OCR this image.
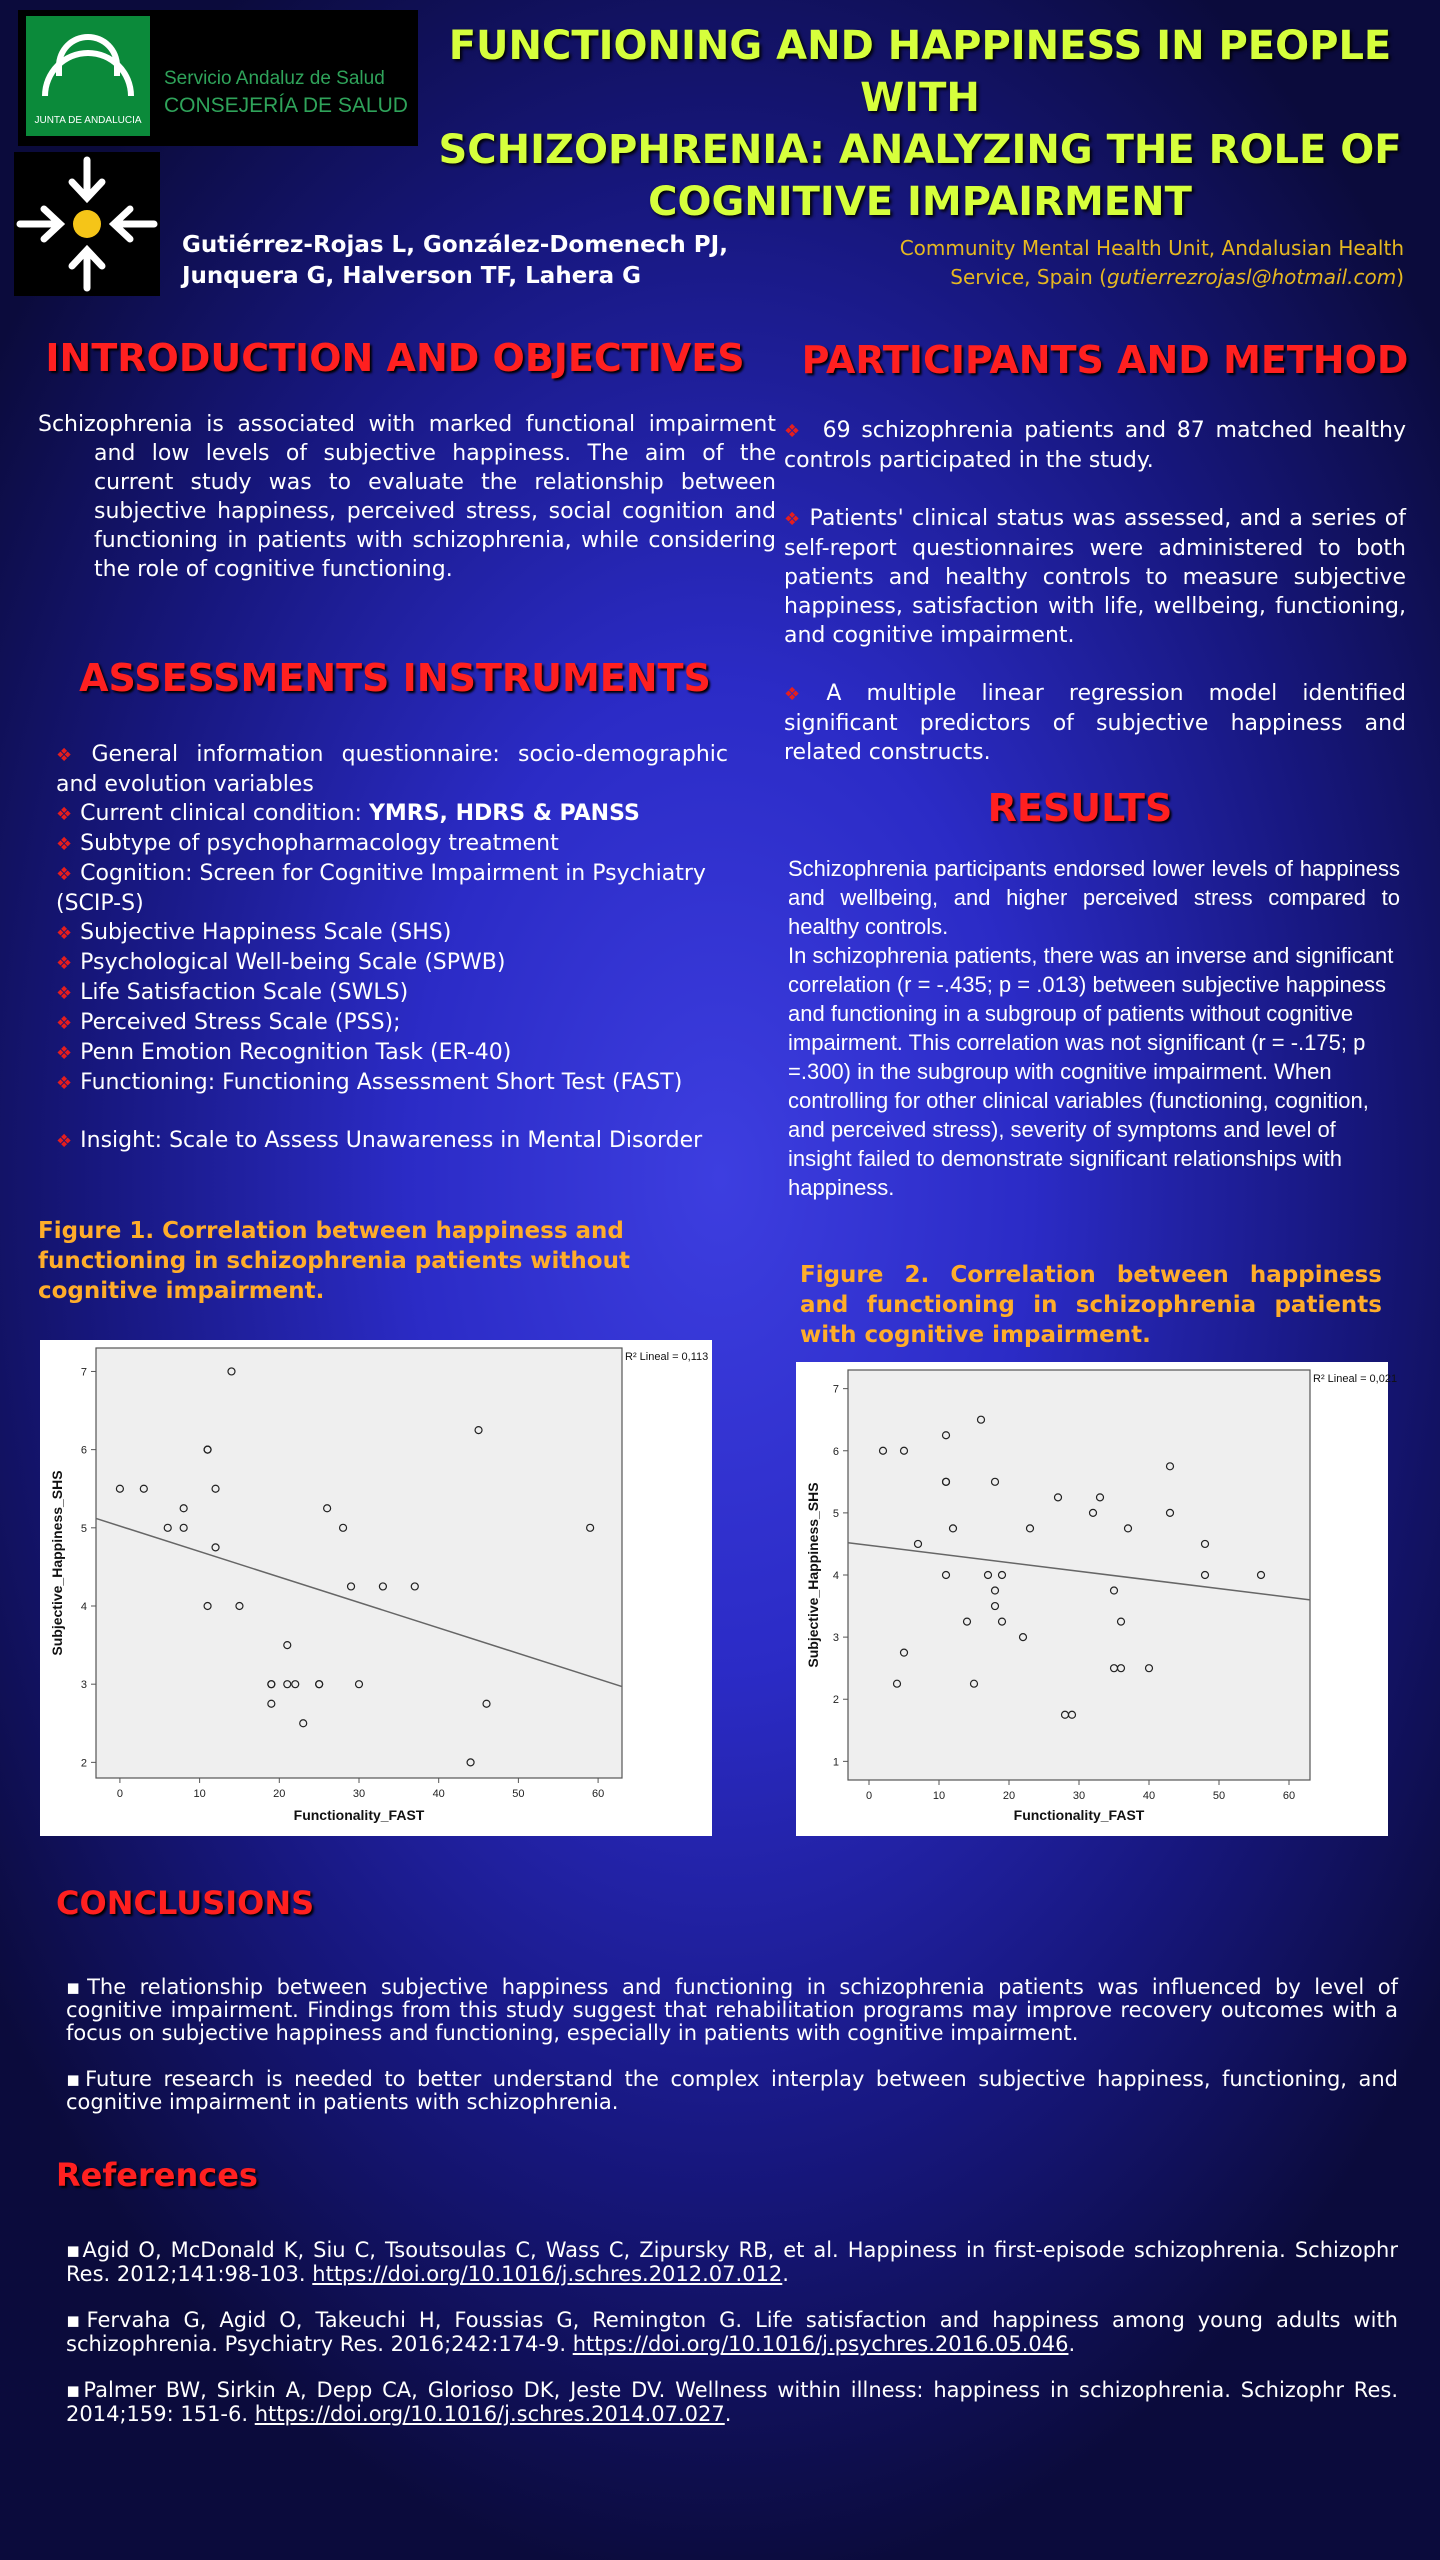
JUNTA DE ANDALUCIA
Servicio Andaluz de Salud
CONSEJERÍA DE SALUD
FUNCTIONING AND HAPPINESS IN PEOPLE WITH
SCHIZOPHRENIA: ANALYZING THE ROLE OF
COGNITIVE IMPAIRMENT
Gutiérrez-Rojas L, González-Domenech PJ,
Junquera G, Halverson TF, Lahera G
Community Mental Health Unit, Andalusian Health
Service, Spain (gutierrezrojasl@hotmail.com)
INTRODUCTION AND OBJECTIVES
Schizophrenia is associated with marked functional impairment and low levels of subjective happiness. The aim of the current study was to evaluate the relationship between subjective happiness, perceived stress, social cognition and functioning in patients with schizophrenia, while considering the role of cognitive functioning.
ASSESSMENTS INSTRUMENTS
❖ General information questionnaire: socio-demographic and evolution variables
❖ Current clinical condition: YMRS, HDRS & PANSS
❖ Subtype of psychopharmacology treatment
❖ Cognition: Screen for Cognitive Impairment in Psychiatry (SCIP-S)
❖ Subjective Happiness Scale (SHS)
❖ Psychological Well-being Scale (SPWB)
❖ Life Satisfaction Scale (SWLS)
❖ Perceived Stress Scale (PSS);
❖ Penn Emotion Recognition Task (ER-40)
❖ Functioning: Functioning Assessment Short Test (FAST)
❖ Insight: Scale to Assess Unawareness in Mental Disorder
Figure 1. Correlation between happiness and functioning in schizophrenia patients without cognitive impairment.
0	10	20	30	40	50	60
2
3
4
5
6
7
Functionality_FAST
Subjective_Happiness_SHS
R² Lineal = 0,113
PARTICIPANTS AND METHOD
❖ 69 schizophrenia patients and 87 matched healthy controls participated in the study.
❖ Patients' clinical status was assessed, and a series of self-report questionnaires were administered to both patients and healthy controls to measure subjective happiness, satisfaction with life, wellbeing, functioning, and cognitive impairment.
❖ A multiple linear regression model identified significant predictors of subjective happiness and related constructs.
RESULTS
Schizophrenia participants endorsed lower levels of happiness and wellbeing, and higher perceived stress compared to healthy controls.
In schizophrenia patients, there was an inverse and significant correlation (r = -.435; p = .013) between subjective happiness and functioning in a subgroup of patients without cognitive impairment. This correlation was not significant (r = -.175; p =.300) in the subgroup with cognitive impairment. When controlling for other clinical variables (functioning, cognition, and perceived stress), severity of symptoms and level of insight failed to demonstrate significant relationships with happiness.
Figure 2. Correlation between happiness and functioning in schizophrenia patients with cognitive impairment.
0	10	20	30	40	50	60
1
2
3
4
5
6
7
Functionality_FAST
Subjective_Happiness_SHS
R² Lineal = 0,021
CONCLUSIONS
▪The relationship between subjective happiness and functioning in schizophrenia patients was influenced by level of cognitive impairment. Findings from this study suggest that rehabilitation programs may improve recovery outcomes with a focus on subjective happiness and functioning, especially in patients with cognitive impairment.
▪Future research is needed to better understand the complex interplay between subjective happiness, functioning, and cognitive impairment in patients with schizophrenia.
References
▪Agid O, McDonald K, Siu C, Tsoutsoulas C, Wass C, Zipursky RB, et al. Happiness in first-episode schizophrenia. Schizophr Res. 2012;141:98-103. https://doi.org/10.1016/j.schres.2012.07.012.
▪Fervaha G, Agid O, Takeuchi H, Foussias G, Remington G. Life satisfaction and happiness among young adults with schizophrenia. Psychiatry Res. 2016;242:174-9. https://doi.org/10.1016/j.psychres.2016.05.046.
▪Palmer BW, Sirkin A, Depp CA, Glorioso DK, Jeste DV. Wellness within illness: happiness in schizophrenia. Schizophr Res. 2014;159: 151-6. https://doi.org/10.1016/j.schres.2014.07.027.
